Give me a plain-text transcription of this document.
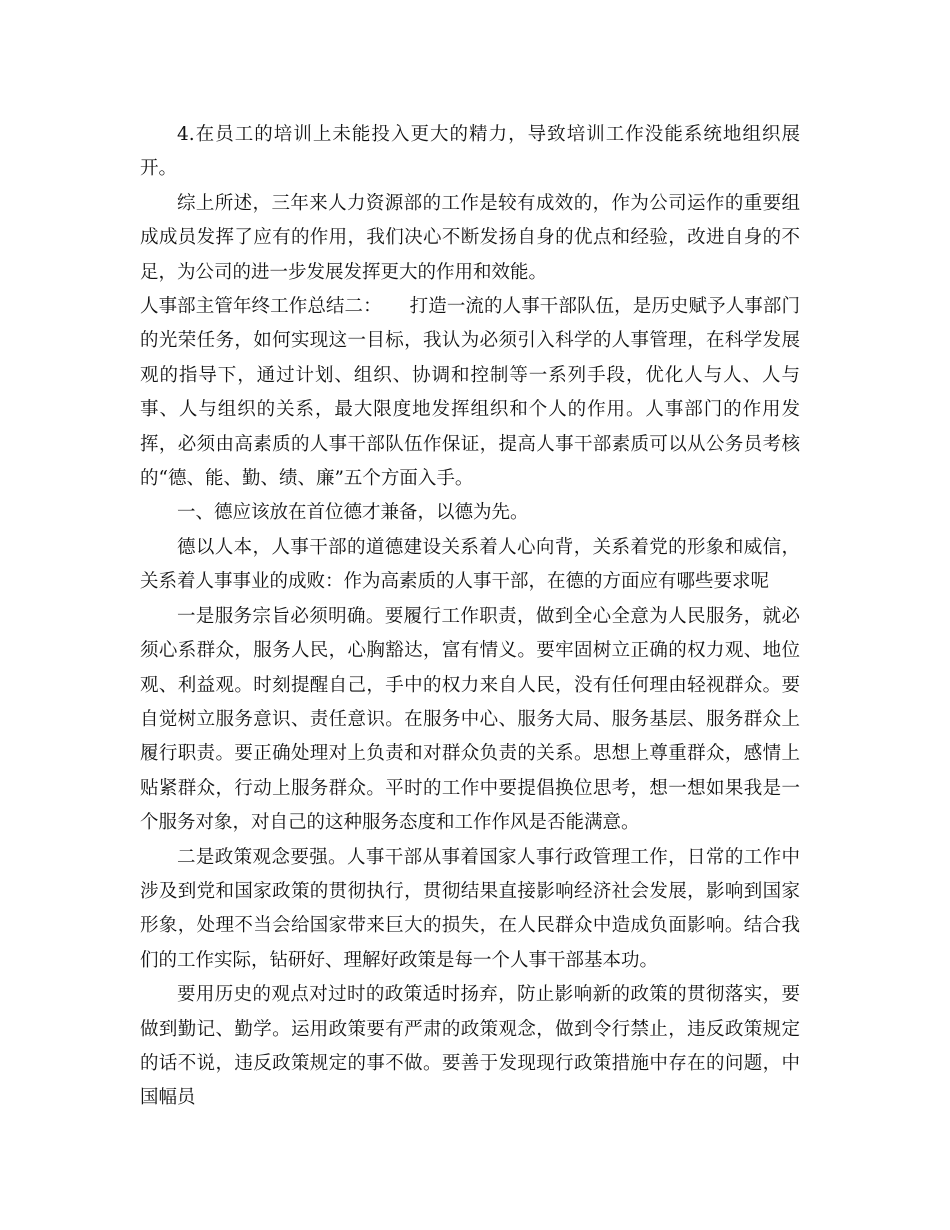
4.在员工的培训上未能投入更大的精力，导致培训工作没能系统地组织展开。

综上所述，三年来人力资源部的工作是较有成效的，作为公司运作的重要组成成员发挥了应有的作用，我们决心不断发扬自身的优点和经验，改进自身的不足，为公司的进一步发展发挥更大的作用和效能。

人事部主管年终工作总结二：　　打造一流的人事干部队伍，是历史赋予人事部门的光荣任务，如何实现这一目标，我认为必须引入科学的人事管理，在科学发展观的指导下，通过计划、组织、协调和控制等一系列手段，优化人与人、人与事、人与组织的关系，最大限度地发挥组织和个人的作用。人事部门的作用发挥，必须由高素质的人事干部队伍作保证，提高人事干部素质可以从公务员考核的“德、能、勤、绩、廉”五个方面入手。

一、德应该放在首位德才兼备，以德为先。

德以人本，人事干部的道德建设关系着人心向背，关系着党的形象和威信，关系着人事事业的成败：作为高素质的人事干部，在德的方面应有哪些要求呢

一是服务宗旨必须明确。要履行工作职责，做到全心全意为人民服务，就必须心系群众，服务人民，心胸豁达，富有情义。要牢固树立正确的权力观、地位观、利益观。时刻提醒自己，手中的权力来自人民，没有任何理由轻视群众。要自觉树立服务意识、责任意识。在服务中心、服务大局、服务基层、服务群众上履行职责。要正确处理对上负责和对群众负责的关系。思想上尊重群众，感情上贴紧群众，行动上服务群众。平时的工作中要提倡换位思考，想一想如果我是一个服务对象，对自己的这种服务态度和工作作风是否能满意。

二是政策观念要强。人事干部从事着国家人事行政管理工作，日常的工作中涉及到党和国家政策的贯彻执行，贯彻结果直接影响经济社会发展，影响到国家形象，处理不当会给国家带来巨大的损失，在人民群众中造成负面影响。结合我们的工作实际，钻研好、理解好政策是每一个人事干部基本功。

要用历史的观点对过时的政策适时扬弃，防止影响新的政策的贯彻落实，要做到勤记、勤学。运用政策要有严肃的政策观念，做到令行禁止，违反政策规定的话不说，违反政策规定的事不做。要善于发现现行政策措施中存在的问题，中国幅员
